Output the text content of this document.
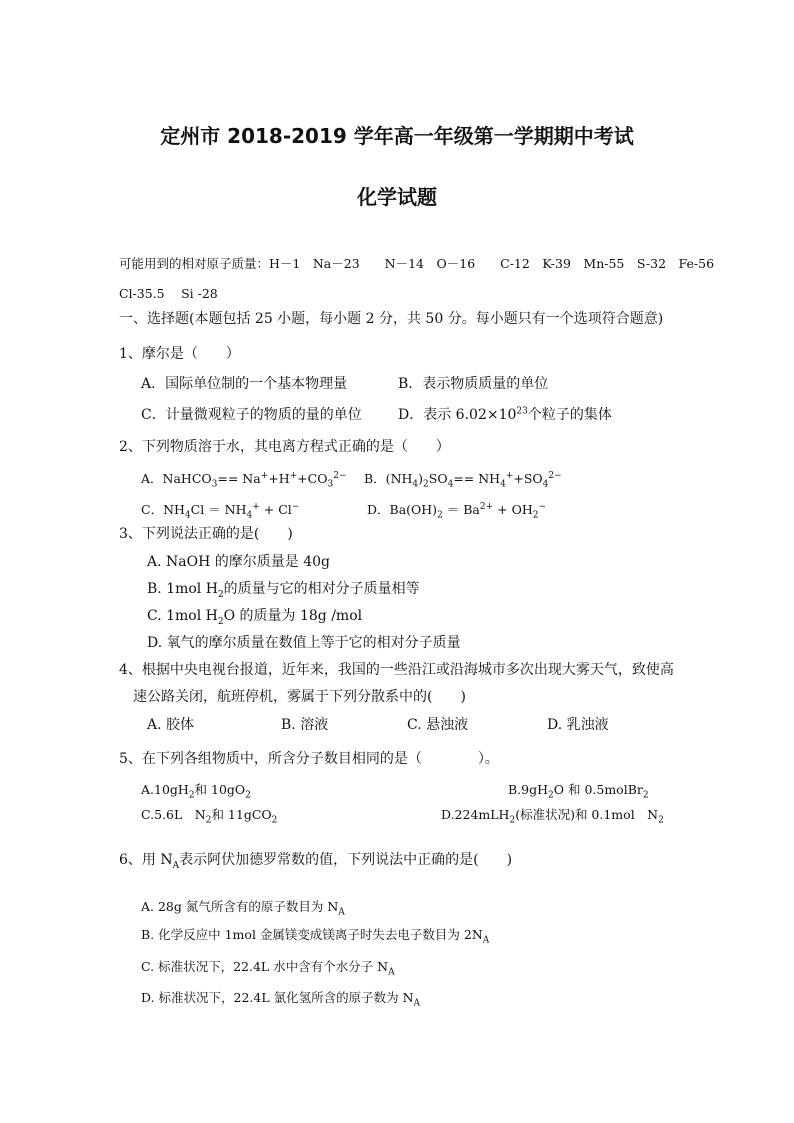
定州市 2018-2019 学年高一年级第一学期期中考试
化学试题
可能用到的相对原子质量：H－1　Na－23　　N－14　O－16　　C-12　K-39　Mn-55　S-32　Fe-56
Cl-35.5　 Si -28
一、选择题(本题包括 25 小题，每小题 2 分，共 50 分。每小题只有一个选项符合题意)
1、摩尔是（　　）
A．国际单位制的一个基本物理量	B．表示物质质量的单位
C．计量微观粒子的物质的量的单位	D．表示 $6.02\times 10^{23}$个粒子的集体
2、下列物质溶于水，其电离方程式正确的是（　　）
A．NaHCO$_3$== $Na^++H^++CO_3^{2-}$ B．$(NH_4)_2SO_4== NH_4^++SO_4^{2-}$
C．$NH_4Cl = NH_4^+ + Cl^-$	D．$Ba(OH)_2 = Ba^{2+} + OH_2^-$
3、下列说法正确的是(　　)
A. NaOH 的摩尔质量是 40g
B. 1mol $H_2$的质量与它的相对分子质量相等
C. 1mol $H_2O$ 的质量为 18g /mol
D. 氧气的摩尔质量在数值上等于它的相对分子质量
4、根据中央电视台报道，近年来，我国的一些沿江或沿海城市多次出现大雾天气，致使高
速公路关闭，航班停机，雾属于下列分散系中的(　　)
A. 胶体	B. 溶液	C. 悬浊液	D. 乳浊液
5、在下列各组物质中，所含分子数目相同的是（　　　　）。
$A.10gH_2$和 $10gO_2$	$B.9gH_2O$ 和 0.5molBr$_2$
C.5.6L　$N_2$和 11gCO$_2$	D.224mLH$_2$(标准状况)和 0.1mol　$N_2$
6、用 $N_A$表示阿伏加德罗常数的值，下列说法中正确的是(　　)
A. 28g 氮气所含有的原子数目为 $N_A$
B. 化学反应中 1mol 金属镁变成镁离子时失去电子数目为 $2N_A$
C. 标准状况下，22.4L 水中含有个水分子 $N_A$
D. 标准状况下，22.4L 氯化氢所含的原子数为 $N_A$
